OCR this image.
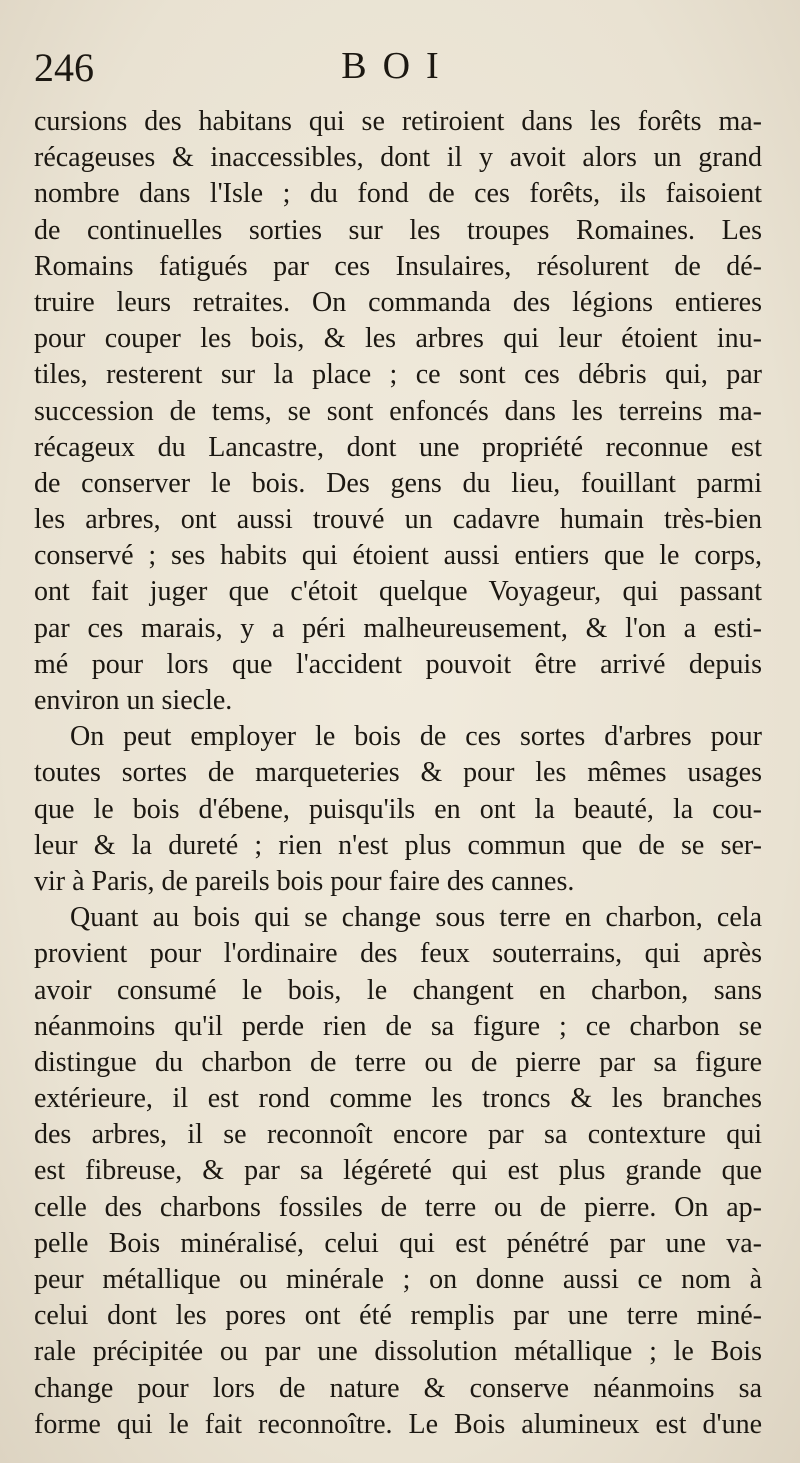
246	BOI
cursions des habitans qui se retiroient dans les forêts ma-
récageuses & inaccessibles, dont il y avoit alors un grand
nombre dans l'Isle ; du fond de ces forêts, ils faisoient
de continuelles sorties sur les troupes Romaines. Les
Romains fatigués par ces Insulaires, résolurent de dé-
truire leurs retraites. On commanda des légions entieres
pour couper les bois, & les arbres qui leur étoient inu-
tiles, resterent sur la place ; ce sont ces débris qui, par
succession de tems, se sont enfoncés dans les terreins ma-
récageux du Lancastre, dont une propriété reconnue est
de conserver le bois. Des gens du lieu, fouillant parmi
les arbres, ont aussi trouvé un cadavre humain très-bien
conservé ; ses habits qui étoient aussi entiers que le corps,
ont fait juger que c'étoit quelque Voyageur, qui passant
par ces marais, y a péri malheureusement, & l'on a esti-
mé pour lors que l'accident pouvoit être arrivé depuis
environ un siecle.
On peut employer le bois de ces sortes d'arbres pour
toutes sortes de marqueteries & pour les mêmes usages
que le bois d'ébene, puisqu'ils en ont la beauté, la cou-
leur & la dureté ; rien n'est plus commun que de se ser-
vir à Paris, de pareils bois pour faire des cannes.
Quant au bois qui se change sous terre en charbon, cela
provient pour l'ordinaire des feux souterrains, qui après
avoir consumé le bois, le changent en charbon, sans
néanmoins qu'il perde rien de sa figure ; ce charbon se
distingue du charbon de terre ou de pierre par sa figure
extérieure, il est rond comme les troncs & les branches
des arbres, il se reconnoît encore par sa contexture qui
est fibreuse, & par sa légéreté qui est plus grande que
celle des charbons fossiles de terre ou de pierre. On ap-
pelle Bois minéralisé, celui qui est pénétré par une va-
peur métallique ou minérale ; on donne aussi ce nom à
celui dont les pores ont été remplis par une terre miné-
rale précipitée ou par une dissolution métallique ; le Bois
change pour lors de nature & conserve néanmoins sa
forme qui le fait reconnoître. Le Bois alumineux est d'une
